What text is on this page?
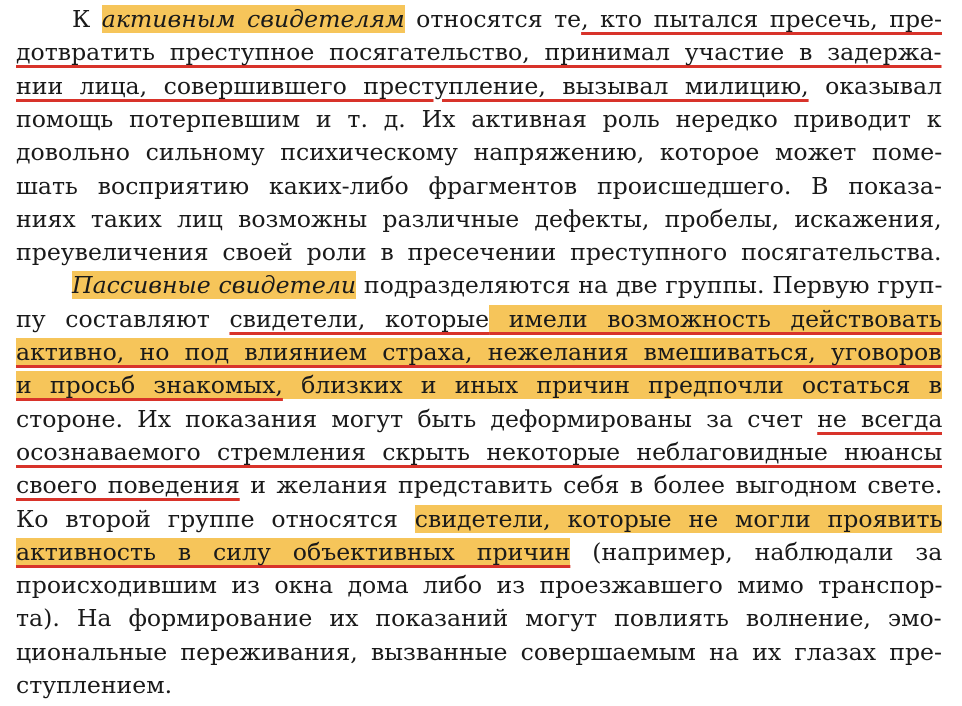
К активным свидетелям относятся те, кто пытался пресечь, пре-
дотвратить преступное посягательство, принимал участие в задержа-
нии лица, совершившего преступление, вызывал милицию, оказывал
помощь потерпевшим и т. д. Их активная роль нередко приводит к
довольно сильному психическому напряжению, которое может поме-
шать восприятию каких-либо фрагментов происшедшего. В показа-
ниях таких лиц возможны различные дефекты, пробелы, искажения,
преувеличения своей роли в пресечении преступного посягательства.
Пассивные свидетели подразделяются на две группы. Первую груп-
пу составляют свидетели, которые имели возможность действовать
активно, но под влиянием страха, нежелания вмешиваться, уговоров
и просьб знакомых, близких и иных причин предпочли остаться в
стороне. Их показания могут быть деформированы за счет не всегда
осознаваемого стремления скрыть некоторые неблаговидные нюансы
своего поведения и желания представить себя в более выгодном свете.
Ко второй группе относятся свидетели, которые не могли проявить
активность в силу объективных причин (например, наблюдали за
происходившим из окна дома либо из проезжавшего мимо транспор-
та). На формирование их показаний могут повлиять волнение, эмо-
циональные переживания, вызванные совершаемым на их глазах пре-
ступлением.
